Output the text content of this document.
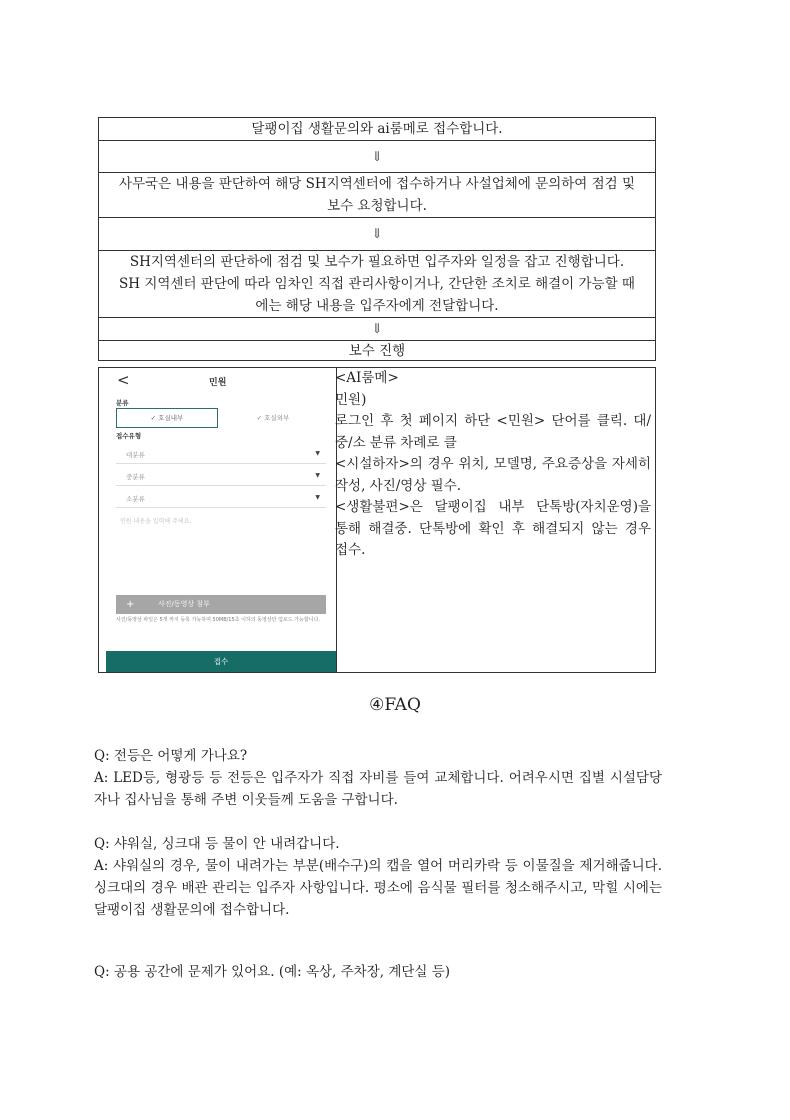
달팽이집 생활문의와 ai룸메로 접수합니다.
⇓
사무국은 내용을 판단하여 해당 SH지역센터에 접수하거나 사설업체에 문의하여 점검 및 보수 요청합니다.
⇓

SH지역센터의 판단하에 점검 및 보수가 필요하면 입주자와 일정을 잡고 진행합니다.
SH 지역센터 판단에 따라 임차인 직접 관리사항이거나, 간단한 조치로 해결이 가능할 때에는 해당 내용을 입주자에게 전달합니다.

⇓
보수 진행
<	민원
분류
✓ 호실내부	✓ 호실외부
접수유형
대분류	▼
중분류	▼
소분류	▼
민원 내용을 입력해 주세요.
+	사진/동영상 첨부
사진/동영상 파일은 5개 까지 등록 가능하며 50MB/15초 이하의 동영상만 업로드 가능합니다.
접수
<AI룸메>
민원)
로그인 후 첫 페이지 하단 <민원> 단어를 클릭. 대/중/소 분류 차례로 클
<시설하자>의 경우 위치, 모델명, 주요증상을 자세히 작성, 사진/영상 필수.
<생활불편>은 달팽이집 내부 단톡방(자치운영)을 통해 해결중. 단톡방에 확인 후 해결되지 않는 경우 접수.
④FAQ
Q: 전등은 어떻게 가나요?
A: LED등, 형광등 등 전등은 입주자가 직접 자비를 들여 교체합니다. 어려우시면 집별 시설담당자나 집사님을 통해 주변 이웃들께 도움을 구합니다.
Q: 샤워실, 싱크대 등 물이 안 내려갑니다.
A: 샤워실의 경우, 물이 내려가는 부분(배수구)의 캡을 열어 머리카락 등 이물질을 제거해줍니다. 싱크대의 경우 배관 관리는 입주자 사항입니다. 평소에 음식물 필터를 청소해주시고, 막힐 시에는 달팽이집 생활문의에 접수합니다.
Q: 공용 공간에 문제가 있어요. (예: 옥상, 주차장, 계단실 등)
